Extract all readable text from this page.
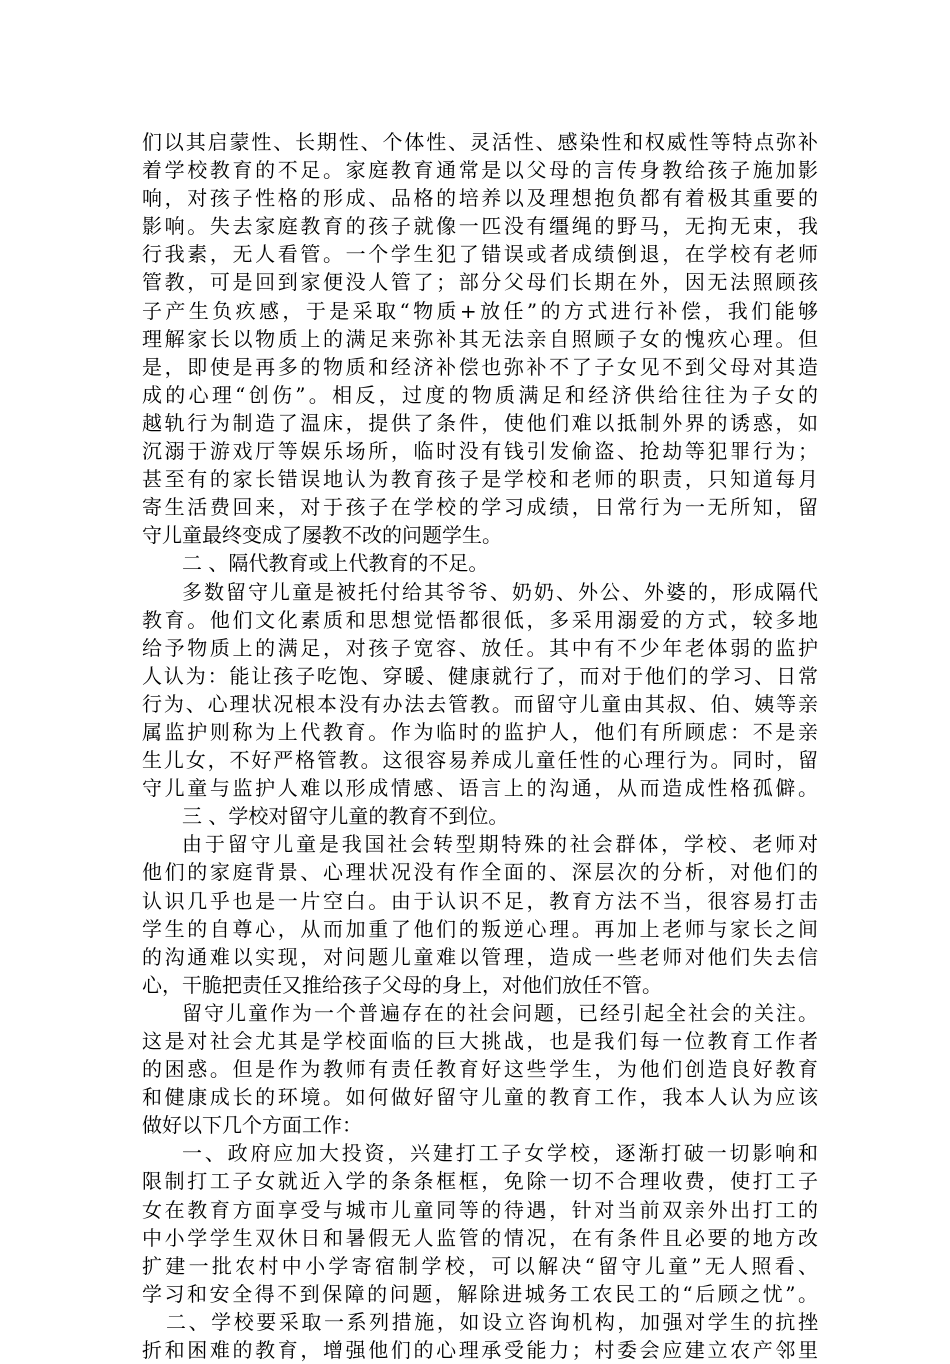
们以其启蒙性、长期性、个体性、灵活性、感染性和权威性等特点弥补
着学校教育的不足。家庭教育通常是以父母的言传身教给孩子施加影
响，对孩子性格的形成、品格的培养以及理想抱负都有着极其重要的
影响。失去家庭教育的孩子就像一匹没有缰绳的野马，无拘无束，我
行我素，无人看管。一个学生犯了错误或者成绩倒退，在学校有老师
管教，可是回到家便没人管了；部分父母们长期在外，因无法照顾孩
子产生负疚感，于是采取“物质+放任”的方式进行补偿，我们能够
理解家长以物质上的满足来弥补其无法亲自照顾子女的愧疚心理。但
是，即使是再多的物质和经济补偿也弥补不了子女见不到父母对其造
成的心理“创伤”。相反，过度的物质满足和经济供给往往为子女的
越轨行为制造了温床，提供了条件，使他们难以抵制外界的诱惑，如
沉溺于游戏厅等娱乐场所，临时没有钱引发偷盗、抢劫等犯罪行为；
甚至有的家长错误地认为教育孩子是学校和老师的职责，只知道每月
寄生活费回来，对于孩子在学校的学习成绩，日常行为一无所知，留
守儿童最终变成了屡教不改的问题学生。
二 、隔代教育或上代教育的不足。
多数留守儿童是被托付给其爷爷、奶奶、外公、外婆的，形成隔代
教育。他们文化素质和思想觉悟都很低，多采用溺爱的方式，较多地
给予物质上的满足，对孩子宽容、放任。其中有不少年老体弱的监护
人认为：能让孩子吃饱、穿暖、健康就行了，而对于他们的学习、日常
行为、心理状况根本没有办法去管教。而留守儿童由其叔、伯、姨等亲
属监护则称为上代教育。作为临时的监护人，他们有所顾虑：不是亲
生儿女，不好严格管教。这很容易养成儿童任性的心理行为。同时，留
守儿童与监护人难以形成情感、语言上的沟通，从而造成性格孤僻。
三 、学校对留守儿童的教育不到位。
由于留守儿童是我国社会转型期特殊的社会群体，学校、老师对
他们的家庭背景、心理状况没有作全面的、深层次的分析，对他们的
认识几乎也是一片空白。由于认识不足，教育方法不当，很容易打击
学生的自尊心，从而加重了他们的叛逆心理。再加上老师与家长之间
的沟通难以实现，对问题儿童难以管理，造成一些老师对他们失去信
心，干脆把责任又推给孩子父母的身上，对他们放任不管。
留守儿童作为一个普遍存在的社会问题，已经引起全社会的关注。
这是对社会尤其是学校面临的巨大挑战，也是我们每一位教育工作者
的困惑。但是作为教师有责任教育好这些学生，为他们创造良好教育
和健康成长的环境。如何做好留守儿童的教育工作，我本人认为应该
做好以下几个方面工作：
一、政府应加大投资，兴建打工子女学校，逐渐打破一切影响和
限制打工子女就近入学的条条框框，免除一切不合理收费，使打工子
女在教育方面享受与城市儿童同等的待遇，针对当前双亲外出打工的
中小学学生双休日和暑假无人监管的情况，在有条件且必要的地方改
扩建一批农村中小学寄宿制学校，可以解决“留守儿童”无人照看、
学习和安全得不到保障的问题，解除进城务工农民工的“后顾之忧”。
二、学校要采取一系列措施，如设立咨询机构，加强对学生的抗挫
折和困难的教育，增强他们的心理承受能力；村委会应建立农产邻里
